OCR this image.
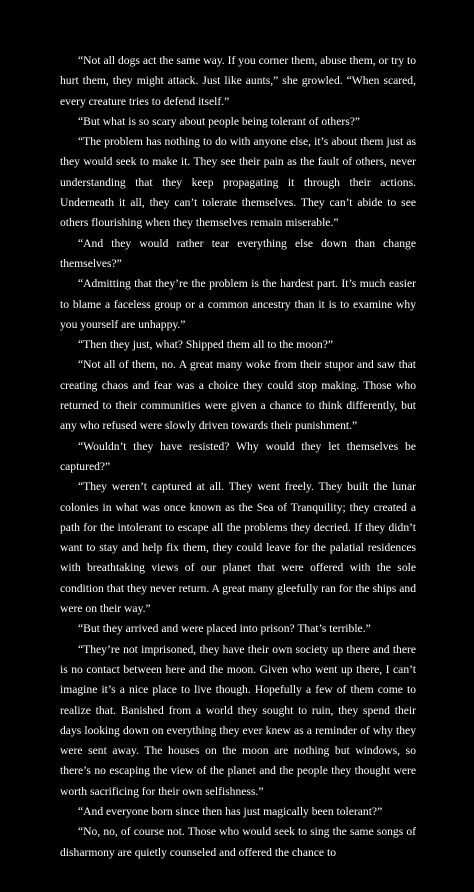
“Not all dogs act the same way. If you corner them, abuse them, or try to hurt them, they might attack. Just like aunts,” she growled. “When scared, every creature tries to defend itself.”

“But what is so scary about people being tolerant of others?”

“The problem has nothing to do with anyone else, it’s about them just as they would seek to make it. They see their pain as the fault of others, never understanding that they keep propagating it through their actions. Underneath it all, they can’t tolerate themselves. They can’t abide to see others flourishing when they themselves remain miserable.”

“And they would rather tear everything else down than change themselves?”

“Admitting that they’re the problem is the hardest part. It’s much easier to blame a faceless group or a common ancestry than it is to examine why you yourself are unhappy.”

“Then they just, what? Shipped them all to the moon?”

“Not all of them, no. A great many woke from their stupor and saw that creating chaos and fear was a choice they could stop making. Those who returned to their communities were given a chance to think differently, but any who refused were slowly driven towards their punishment.”

“Wouldn’t they have resisted? Why would they let themselves be captured?”

“They weren’t captured at all. They went freely. They built the lunar colonies in what was once known as the Sea of Tranquility; they created a path for the intolerant to escape all the problems they decried. If they didn’t want to stay and help fix them, they could leave for the palatial residences with breathtaking views of our planet that were offered with the sole condition that they never return. A great many gleefully ran for the ships and were on their way.”

“But they arrived and were placed into prison? That’s terrible.”

“They’re not imprisoned, they have their own society up there and there is no contact between here and the moon. Given who went up there, I can’t imagine it’s a nice place to live though. Hopefully a few of them come to realize that. Banished from a world they sought to ruin, they spend their days looking down on everything they ever knew as a reminder of why they were sent away. The houses on the moon are nothing but windows, so there’s no escaping the view of the planet and the people they thought were worth sacrificing for their own selfishness.”

“And everyone born since then has just magically been tolerant?”

“No, no, of course not. Those who would seek to sing the same songs of disharmony are quietly counseled and offered the chance to
